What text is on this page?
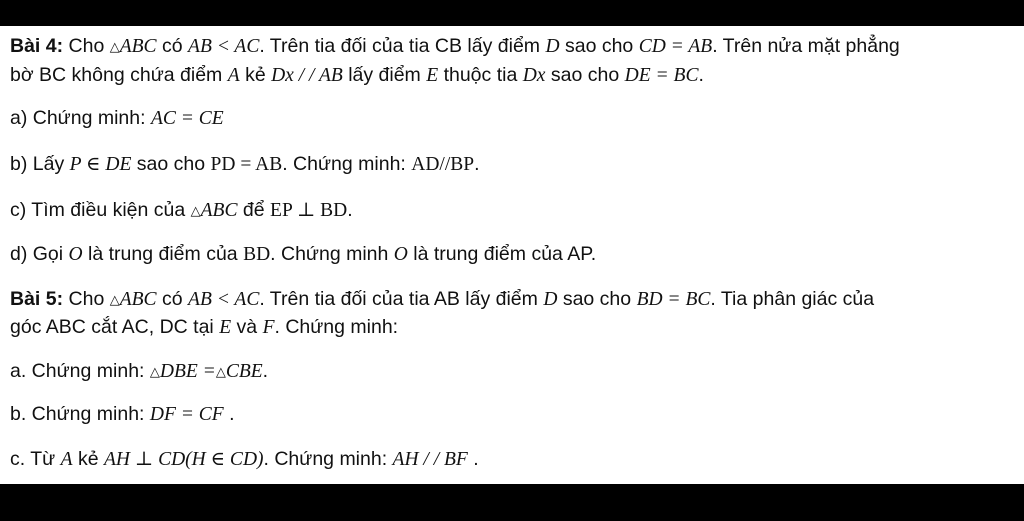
Bài 4: Cho △ABC có AB < AC. Trên tia đối của tia CB lấy điểm D sao cho CD = AB. Trên nửa mặt phẳng
bờ BC không chứa điểm A kẻ Dx / / AB lấy điểm E thuộc tia Dx sao cho DE = BC.
a) Chứng minh: AC = CE
b) Lấy P ∈ DE sao cho PD = AB. Chứng minh: AD//BP.
c) Tìm điều kiện của △ABC để EP ⊥ BD.
d) Gọi O là trung điểm của BD. Chứng minh O là trung điểm của AP.
Bài 5: Cho △ABC có AB < AC. Trên tia đối của tia AB lấy điểm D sao cho BD = BC. Tia phân giác của
góc ABC cắt AC, DC tại E và F. Chứng minh:
a. Chứng minh: △DBE =△CBE.
b. Chứng minh: DF = CF .
c. Từ A kẻ AH ⊥ CD(H ∈ CD). Chứng minh: AH / / BF .
